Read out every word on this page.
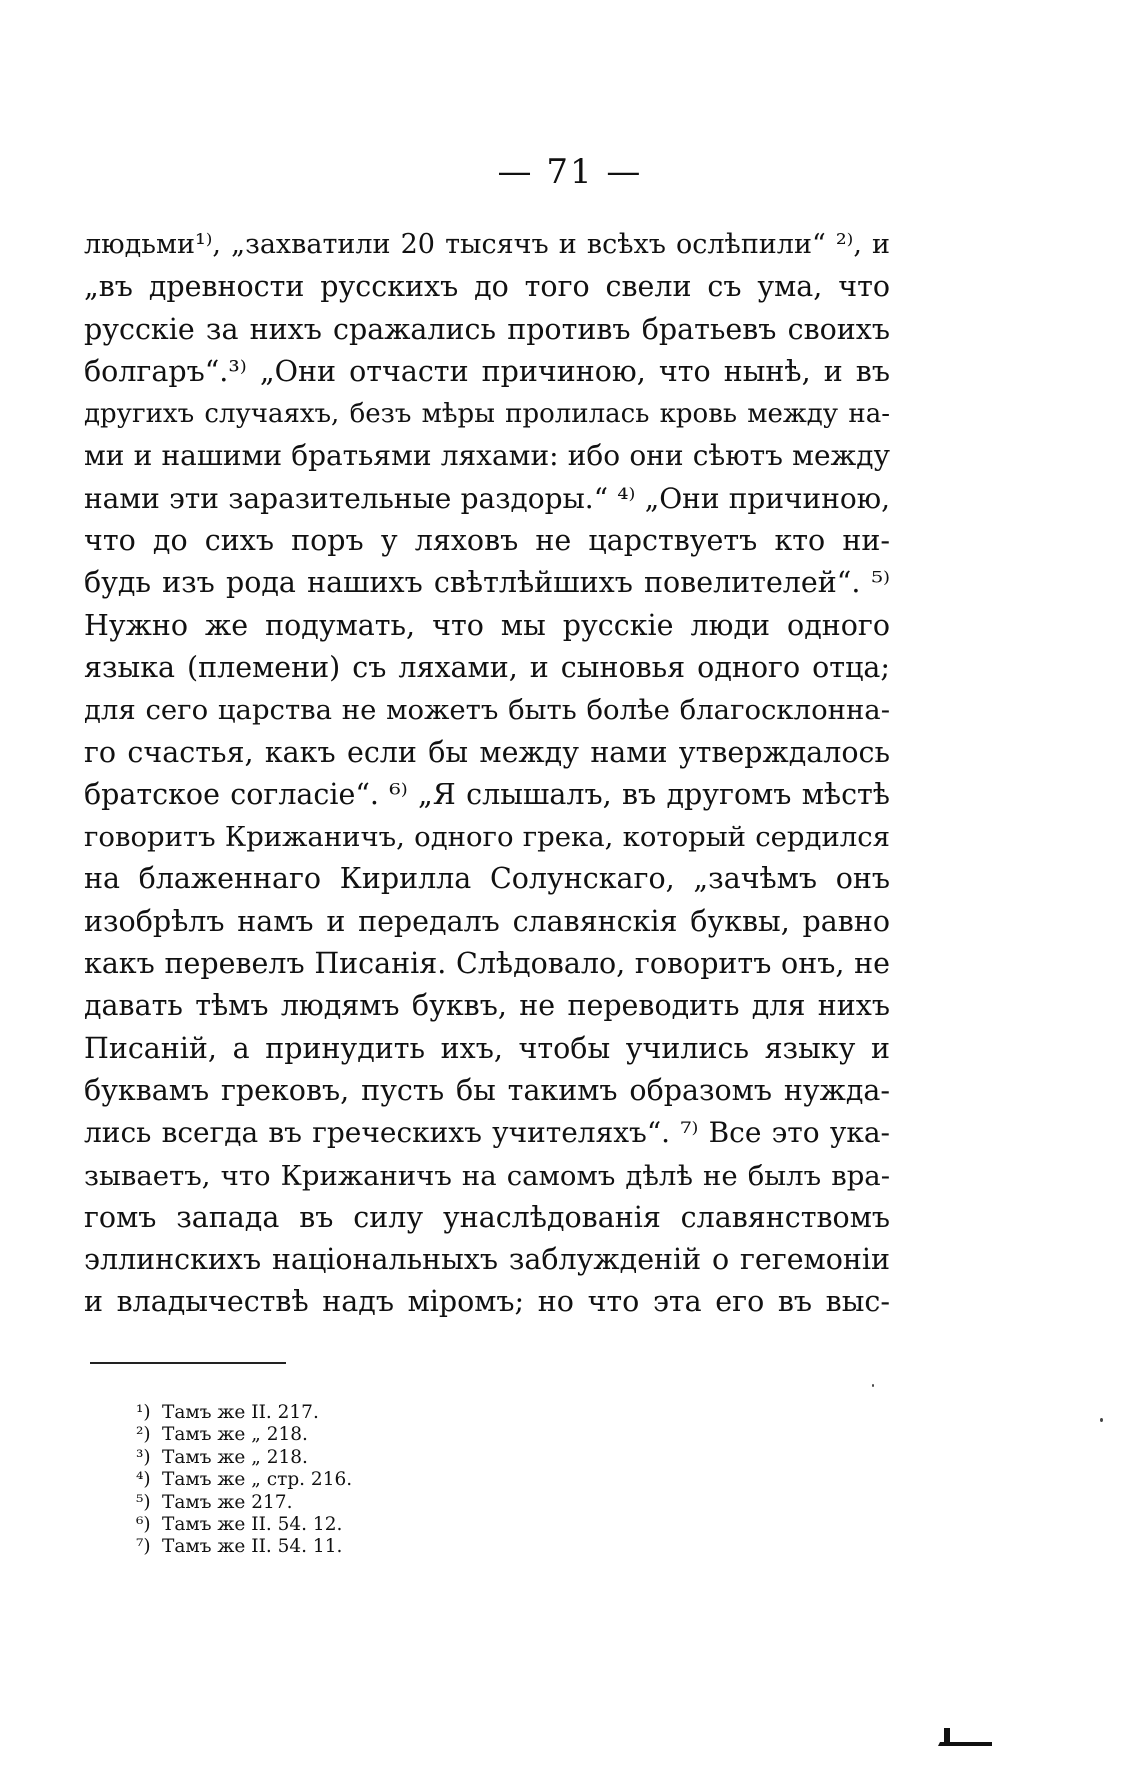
— 71 —
людьми¹⁾, „захватили 20 тысячъ и всѣхъ ослѣпили“ ²⁾, и
„въ древности русскихъ до того свели съ ума, что
русскіе за нихъ сражались противъ братьевъ своихъ
болгаръ“.³⁾ „Они отчасти причиною, что нынѣ, и въ
другихъ случаяхъ, безъ мѣры пролилась кровь между на-
ми и нашими братьями ляхами: ибо они сѣютъ между
нами эти заразительные раздоры.“ ⁴⁾ „Они причиною,
что до сихъ поръ у ляховъ не царствуетъ кто ни-
будь изъ рода нашихъ свѣтлѣйшихъ повелителей“. ⁵⁾
Нужно же подумать, что мы русскіе люди одного
языка (племени) съ ляхами, и сыновья одного отца;
для сего царства не можетъ быть болѣе благосклонна-
го счастья, какъ если бы между нами утверждалось
братское согласіе“. ⁶⁾ „Я слышалъ, въ другомъ мѣстѣ
говоритъ Крижаничъ, одного грека, который сердился
на блаженнаго Кирилла Солунскаго, „зачѣмъ онъ
изобрѣлъ намъ и передалъ славянскія буквы, равно
какъ перевелъ Писанія. Слѣдовало, говоритъ онъ, не
давать тѣмъ людямъ буквъ, не переводить для нихъ
Писаній, а принудить ихъ, чтобы учились языку и
буквамъ грековъ, пусть бы такимъ образомъ нужда-
лись всегда въ греческихъ учителяхъ“. ⁷⁾ Все это ука-
зываетъ, что Крижаничъ на самомъ дѣлѣ не былъ вра-
гомъ запада въ силу унаслѣдованія славянствомъ
эллинскихъ національныхъ заблужденій о гегемоніи
и владычествѣ надъ міромъ; но что эта его въ выс-
¹) Тамъ же II. 217.
²) Тамъ же „ 218.
³) Тамъ же „ 218.
⁴) Тамъ же „ стр. 216.
⁵) Тамъ же 217.
⁶) Тамъ же II. 54. 12.
⁷) Тамъ же II. 54. 11.
